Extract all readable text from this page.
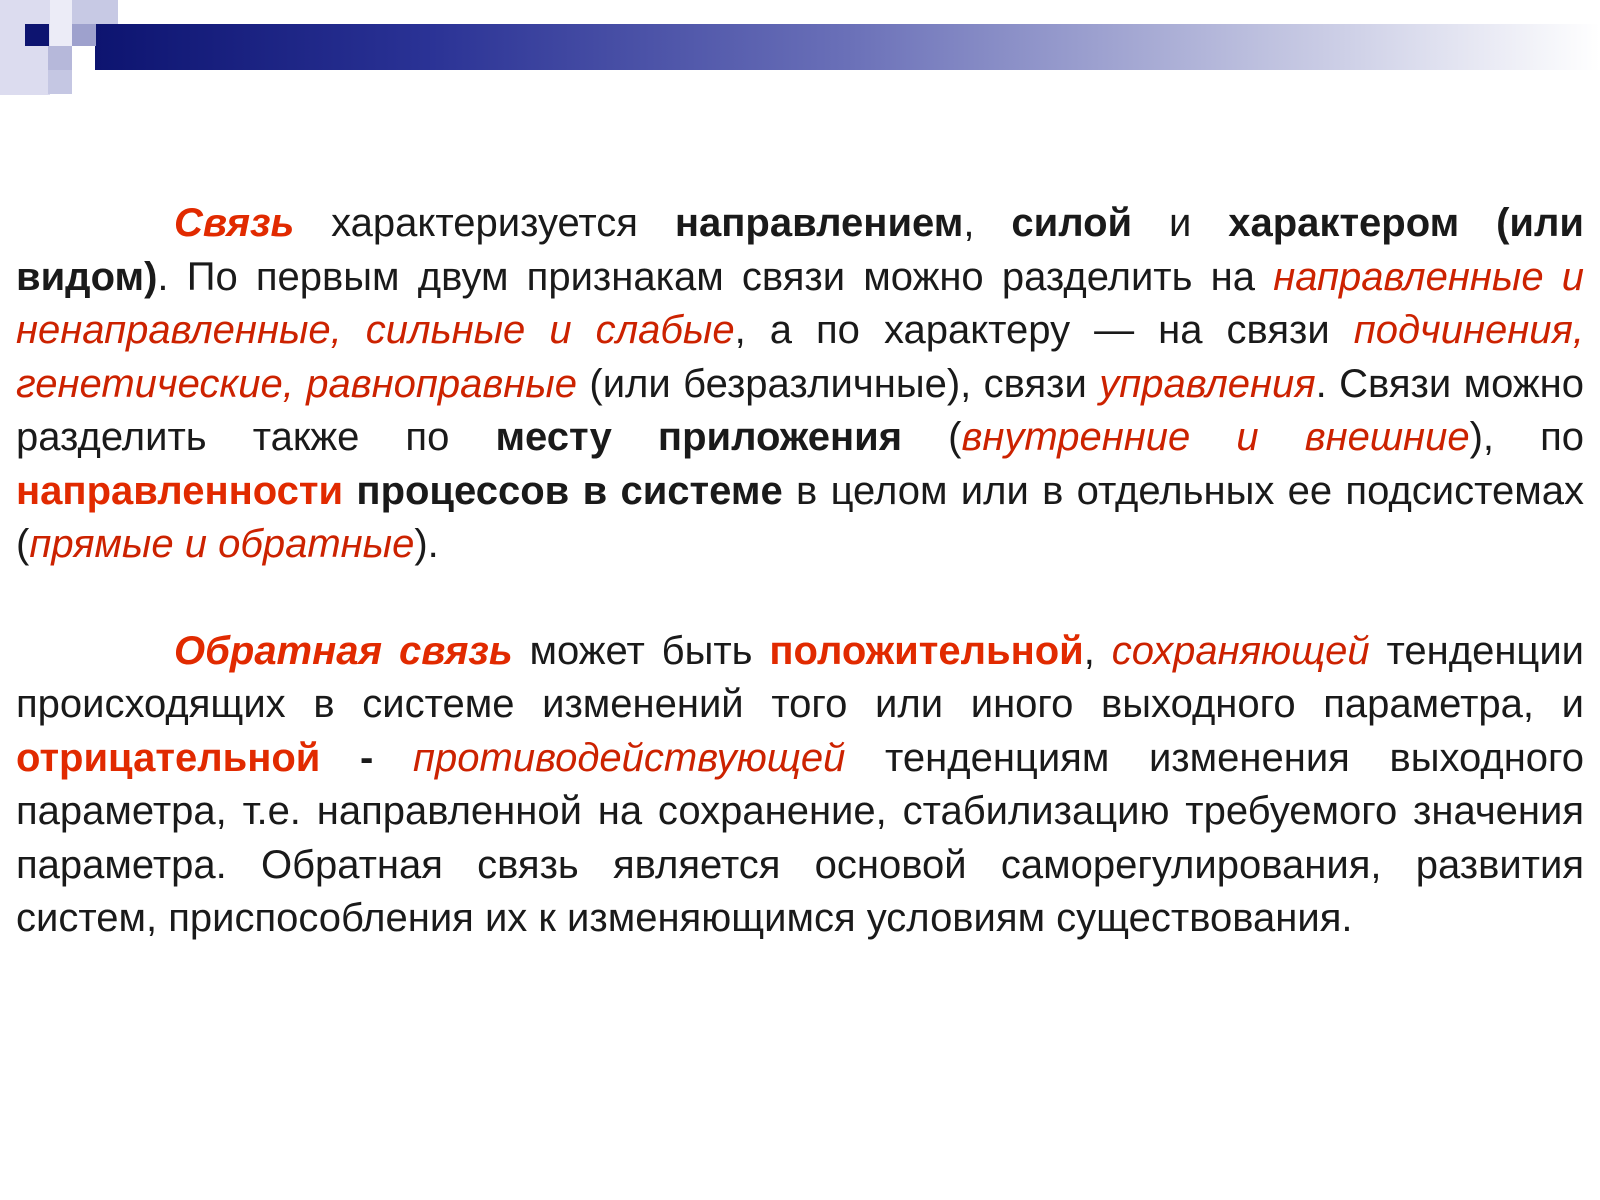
Связь характеризуется направлением, силой и характером (или видом). По первым двум признакам связи можно разделить на направленные и ненаправленные, сильные и слабые, а по характеру — на связи подчинения, генетические, равноправные (или безразличные), связи управления. Связи можно разделить также по месту приложения (внутренние и внешние), по направленности процессов в системе в целом или в отдельных ее подсистемах (прямые и обратные).

Обратная связь может быть положительной, сохраняющей тенденции происходящих в системе изменений того или иного выходного параметра, и отрицательной - противодействующей тенденциям изменения выходного параметра, т.е. направленной на сохранение, стабилизацию требуемого значения параметра. Обратная связь является основой саморегулирования, развития систем, приспособления их к изменяющимся условиям существования.
